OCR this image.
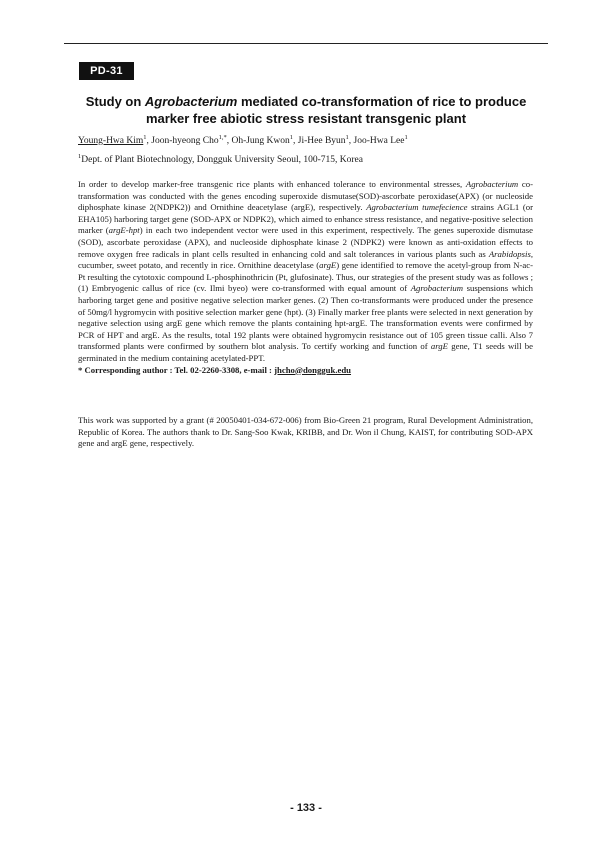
PD-31
Study on Agrobacterium mediated co-transformation of rice to produce marker free abiotic stress resistant transgenic plant
Young-Hwa Kim$^1$, Joon-hyeong Cho$^{1,*}$, Oh-Jung Kwon$^1$, Ji-Hee Byun$^1$, Joo-Hwa Lee$^1$
$^1$Dept. of Plant Biotechnology, Dongguk University Seoul, 100-715, Korea
In order to develop marker-free transgenic rice plants with enhanced tolerance to environmental stresses, Agrobacterium co-transformation was conducted with the genes encoding superoxide dismutase(SOD)-ascorbate peroxidase(APX) (or nucleoside diphosphate kinase 2(NDPK2)) and Ornithine deacetylase (argE), respectively. Agrobacterium tumefecience strains AGL1 (or EHA105) harboring target gene (SOD-APX or NDPK2), which aimed to enhance stress resistance, and negative-positive selection marker (argE-hpt) in each two independent vector were used in this experiment, respectively. The genes superoxide dismutase (SOD), ascorbate peroxidase (APX), and nucleoside diphosphate kinase 2 (NDPK2) were known as anti-oxidation effects to remove oxygen free radicals in plant cells resulted in enhancing cold and salt tolerances in various plants such as Arabidopsis, cucumber, sweet potato, and recently in rice. Ornithine deacetylase (argE) gene identified to remove the acetyl-group from N-ac-Pt resulting the cytotoxic compound L-phosphinothricin (Pt, glufosinate). Thus, our strategies of the present study was as follows ; (1) Embryogenic callus of rice (cv. Ilmi byeo) were co-transformed with equal amount of Agrobacterium suspensions which harboring target gene and positive negative selection marker genes. (2) Then co-transformants were produced under the presence of 50mg/l hygromycin with positive selection marker gene (hpt). (3) Finally marker free plants were selected in next generation by negative selection using argE gene which remove the plants containing hpt-argE. The transformation events were confirmed by PCR of HPT and argE. As the results, total 192 plants were obtained hygromycin resistance out of 105 green tissue calli. Also 7 transformed plants were confirmed by southern blot analysis. To certify working and function of argE gene, T1 seeds will be germinated in the medium containing acetylated-PPT.
* Corresponding author : Tel. 02-2260-3308, e-mail : jhcho@dongguk.edu
This work was supported by a grant (# 20050401-034-672-006) from Bio-Green 21 program, Rural Development Administration, Republic of Korea. The authors thank to Dr. Sang-Soo Kwak, KRIBB, and Dr. Won il Chung, KAIST, for contributing SOD-APX gene and argE gene, respectively.
- 133 -
